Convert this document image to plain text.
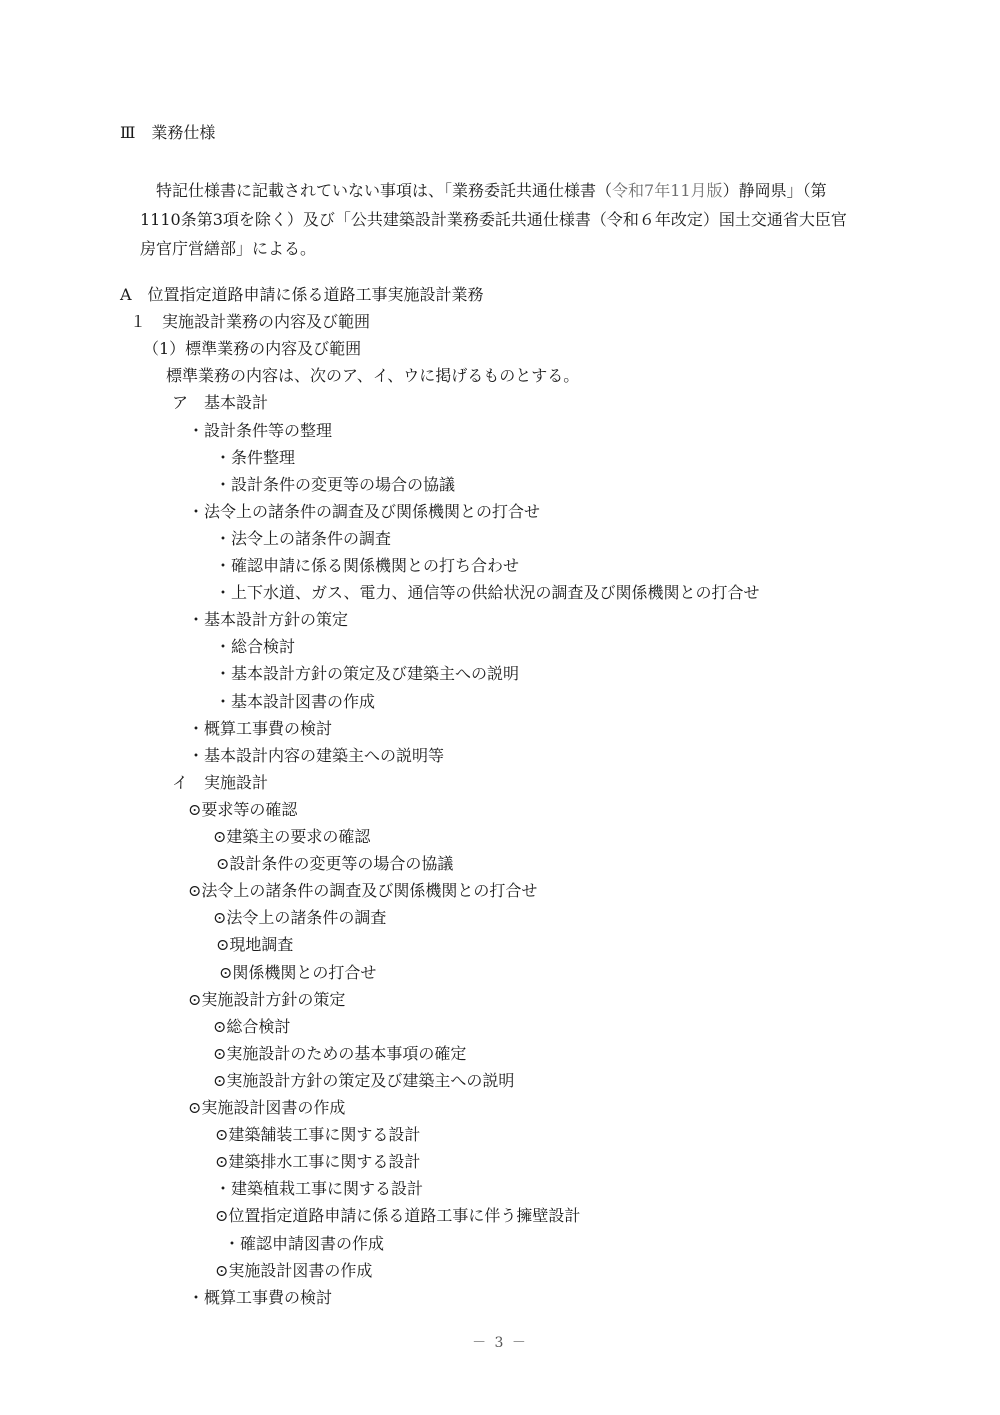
Ⅲ　業務仕様

特記仕様書に記載されていない事項は、「業務委託共通仕様書（令和7年11月版）静岡県」（第1110条第3項を除く）及び「公共建築設計業務委託共通仕様書（令和６年改定）国土交通省大臣官房官庁営繕部」による。

A　位置指定道路申請に係る道路工事実施設計業務
１　実施設計業務の内容及び範囲
（1）標準業務の内容及び範囲
標準業務の内容は、次のア、イ、ウに掲げるものとする。
ア　基本設計
・設計条件等の整理
・条件整理
・設計条件の変更等の場合の協議
・法令上の諸条件の調査及び関係機関との打合せ
・法令上の諸条件の調査
・確認申請に係る関係機関との打ち合わせ
・上下水道、ガス、電力、通信等の供給状況の調査及び関係機関との打合せ
・基本設計方針の策定
・総合検討
・基本設計方針の策定及び建築主への説明
・基本設計図書の作成
・概算工事費の検討
・基本設計内容の建築主への説明等
イ　実施設計
⊙要求等の確認
⊙建築主の要求の確認
⊙設計条件の変更等の場合の協議
⊙法令上の諸条件の調査及び関係機関との打合せ
⊙法令上の諸条件の調査
⊙現地調査
⊙関係機関との打合せ
⊙実施設計方針の策定
⊙総合検討
⊙実施設計のための基本事項の確定
⊙実施設計方針の策定及び建築主への説明
⊙実施設計図書の作成
⊙建築舗装工事に関する設計
⊙建築排水工事に関する設計
・建築植栽工事に関する設計
⊙位置指定道路申請に係る道路工事に伴う擁壁設計
・確認申請図書の作成
⊙実施設計図書の作成
・概算工事費の検討
－ 3 －
